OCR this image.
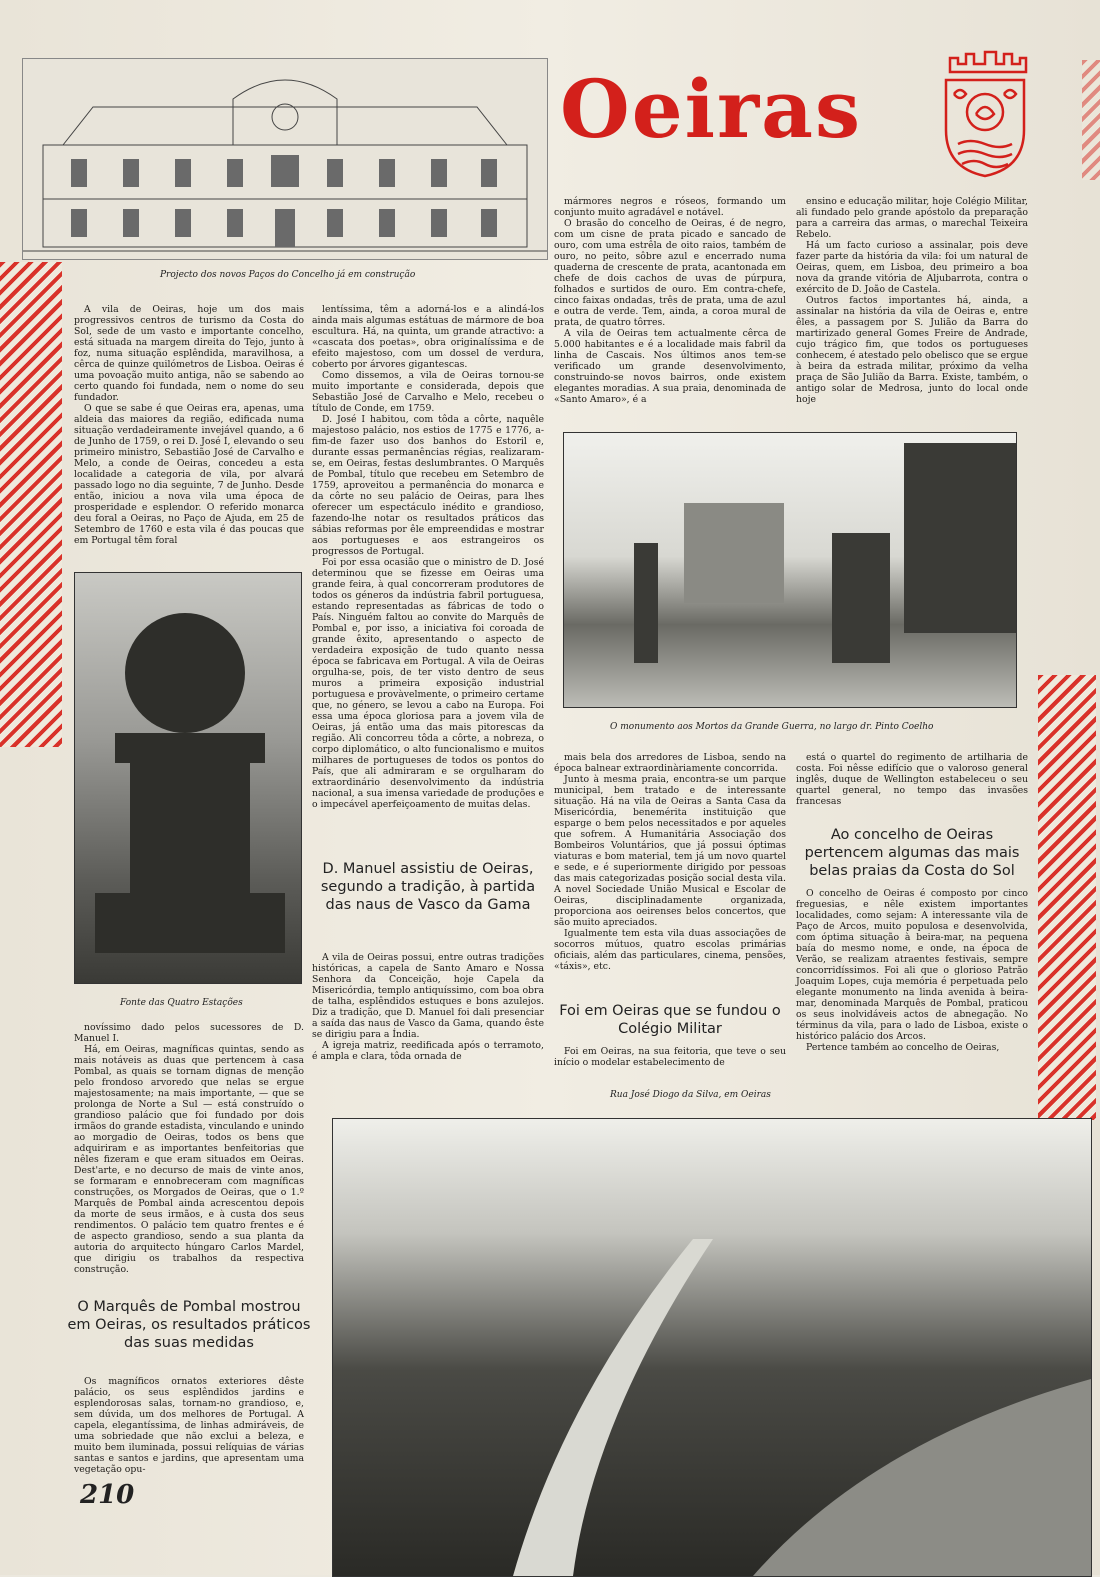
Oeiras
Projecto dos novos Paços do Concelho já em construção
Fonte das Quatro Estações
O monumento aos Mortos da Grande Guerra, no largo dr. Pinto Coelho
Rua José Diogo da Silva, em Oeiras

A vila de Oeiras, hoje um dos mais progressivos centros de turismo da Costa do Sol, sede de um vasto e importante concelho, está situada na margem direita do Tejo, junto à foz, numa situação esplêndida, maravilhosa, a cêrca de quinze quilómetros de Lisboa. Oeiras é uma povoação muito antiga, não se sabendo ao certo quando foi fundada, nem o nome do seu fundador.

O que se sabe é que Oeiras era, apenas, uma aldeia das maiores da região, edificada numa situação verdadeiramente invejável quando, a 6 de Junho de 1759, o rei D. José I, elevando o seu primeiro ministro, Sebastião José de Carvalho e Melo, a conde de Oeiras, concedeu a esta localidade a categoria de vila, por alvará passado logo no dia seguinte, 7 de Junho. Desde então, iniciou a nova vila uma época de prosperidade e esplendor. O referido monarca deu foral a Oeiras, no Paço de Ajuda, em 25 de Setembro de 1760 e esta vila é das poucas que em Portugal têm foral

novíssimo dado pelos sucessores de D. Manuel I.

Há, em Oeiras, magníficas quintas, sendo as mais notáveis as duas que pertencem à casa Pombal, as quais se tornam dignas de menção pelo frondoso arvoredo que nelas se ergue majestosamente; na mais importante, — que se prolonga de Norte a Sul — está construído o grandioso palácio que foi fundado por dois irmãos do grande estadista, vinculando e unindo ao morgadio de Oeiras, todos os bens que adquiriram e as importantes benfeitorias que nêles fizeram e que eram situados em Oeiras. Dest'arte, e no decurso de mais de vinte anos, se formaram e ennobreceram com magníficas construções, os Morgados de Oeiras, que o 1.º Marquês de Pombal ainda acrescentou depois da morte de seus irmãos, e à custa dos seus rendimentos. O palácio tem quatro frentes e é de aspecto grandioso, sendo a sua planta da autoria do arquitecto húngaro Carlos Mardel, que dirigiu os trabalhos da respectiva construção.

O Marquês de Pombal mostrou em Oeiras, os resultados práticos das suas medidas

Os magníficos ornatos exteriores dêste palácio, os seus esplêndidos jardins e esplendorosas salas, tornam-no grandioso, e, sem dúvida, um dos melhores de Portugal. A capela, elegantíssima, de linhas admiráveis, de uma sobriedade que não exclui a beleza, e muito bem iluminada, possui relíquias de várias santas e santos e jardins, que apresentam uma vegetação opu-

210

lentíssima, têm a adorná-los e a alindá-los ainda mais algumas estátuas de mármore de boa escultura. Há, na quinta, um grande atractivo: a «cascata dos poetas», obra originalíssima e de efeito majestoso, com um dossel de verdura, coberto por árvores gigantescas.

Como dissemos, a vila de Oeiras tornou-se muito importante e considerada, depois que Sebastião José de Carvalho e Melo, recebeu o título de Conde, em 1759.

D. José I habitou, com tôda a côrte, naquêle majestoso palácio, nos estios de 1775 e 1776, a-fim-de fazer uso dos banhos do Estoril e, durante essas permanências régias, realizaram-se, em Oeiras, festas deslumbrantes. O Marquês de Pombal, título que recebeu em Setembro de 1759, aproveitou a permanência do monarca e da côrte no seu palácio de Oeiras, para lhes oferecer um espectáculo inédito e grandioso, fazendo-lhe notar os resultados práticos das sábias reformas por êle empreendidas e mostrar aos portugueses e aos estrangeiros os progressos de Portugal.

Foi por essa ocasião que o ministro de D. José determinou que se fizesse em Oeiras uma grande feira, à qual concorreram produtores de todos os géneros da indústria fabril portuguesa, estando representadas as fábricas de todo o País. Ninguém faltou ao convite do Marquês de Pombal e, por isso, a iniciativa foi coroada de grande êxito, apresentando o aspecto de verdadeira exposição de tudo quanto nessa época se fabricava em Portugal. A vila de Oeiras orgulha-se, pois, de ter visto dentro de seus muros a primeira exposição industrial portuguesa e provàvelmente, o primeiro certame que, no género, se levou a cabo na Europa. Foi essa uma época gloriosa para a jovem vila de Oeiras, já então uma das mais pitorescas da região. Ali concorreu tôda a côrte, a nobreza, o corpo diplomático, o alto funcionalismo e muitos milhares de portugueses de todos os pontos do País, que ali admiraram e se orgulharam do extraordinário desenvolvimento da indústria nacional, a sua imensa variedade de produções e o impecável aperfeiçoamento de muitas delas.

D. Manuel assistiu de Oeiras, segundo a tradição, à partida das naus de Vasco da Gama

A vila de Oeiras possui, entre outras tradições históricas, a capela de Santo Amaro e Nossa Senhora da Conceição, hoje Capela da Misericórdia, templo antiquíssimo, com boa obra de talha, esplêndidos estuques e bons azulejos. Diz a tradição, que D. Manuel foi dali presenciar a saída das naus de Vasco da Gama, quando êste se dirigiu para a Índia.

A igreja matriz, reedificada após o terramoto, é ampla e clara, tôda ornada de

mármores negros e róseos, formando um conjunto muito agradável e notável.

O brasão do concelho de Oeiras, é de negro, com um cisne de prata picado e sancado de ouro, com uma estrêla de oito raios, também de ouro, no peito, sôbre azul e encerrado numa quaderna de crescente de prata, acantonada em chefe de dois cachos de uvas de púrpura, folhados e surtidos de ouro. Em contra-chefe, cinco faixas ondadas, três de prata, uma de azul e outra de verde. Tem, ainda, a coroa mural de prata, de quatro tôrres.

A vila de Oeiras tem actualmente cêrca de 5.000 habitantes e é a localidade mais fabril da linha de Cascais. Nos últimos anos tem-se verificado um grande desenvolvimento, construindo-se novos bairros, onde existem elegantes moradias. A sua praia, denominada de «Santo Amaro», é a

mais bela dos arredores de Lisboa, sendo na época balnear extraordinàriamente concorrida.

Junto à mesma praia, encontra-se um parque municipal, bem tratado e de interessante situação. Há na vila de Oeiras a Santa Casa da Misericórdia, benemérita instituição que esparge o bem pelos necessitados e por aqueles que sofrem. A Humanitária Associação dos Bombeiros Voluntários, que já possui óptimas viaturas e bom material, tem já um novo quartel e sede, e é superiormente dirigido por pessoas das mais categorizadas posição social desta vila. A novel Sociedade União Musical e Escolar de Oeiras, disciplinadamente organizada, proporciona aos oeirenses belos concertos, que são muito apreciados.

Igualmente tem esta vila duas associações de socorros mútuos, quatro escolas primárias oficiais, além das particulares, cinema, pensões, «táxis», etc.

Foi em Oeiras que se fundou o Colégio Militar

Foi em Oeiras, na sua feitoria, que teve o seu início o modelar estabelecimento de

ensino e educação militar, hoje Colégio Militar, ali fundado pelo grande apóstolo da preparação para a carreira das armas, o marechal Teixeira Rebelo.

Há um facto curioso a assinalar, pois deve fazer parte da história da vila: foi um natural de Oeiras, quem, em Lisboa, deu primeiro a boa nova da grande vitória de Aljubarrota, contra o exército de D. João de Castela.

Outros factos importantes há, ainda, a assinalar na história da vila de Oeiras e, entre êles, a passagem por S. Julião da Barra do martirizado general Gomes Freire de Andrade, cujo trágico fim, que todos os portugueses conhecem, é atestado pelo obelisco que se ergue à beira da estrada militar, próximo da velha praça de São Julião da Barra. Existe, também, o antigo solar de Medrosa, junto do local onde hoje

está o quartel do regimento de artilharia de costa. Foi nêsse edifício que o valoroso general inglês, duque de Wellington estabeleceu o seu quartel general, no tempo das invasões francesas

Ao concelho de Oeiras pertencem algumas das mais belas praias da Costa do Sol

O concelho de Oeiras é composto por cinco freguesias, e nêle existem importantes localidades, como sejam: A interessante vila de Paço de Arcos, muito populosa e desenvolvida, com óptima situação à beira-mar, na pequena baía do mesmo nome, e onde, na época de Verão, se realizam atraentes festivais, sempre concorridíssimos. Foi ali que o glorioso Patrão Joaquim Lopes, cuja memória é perpetuada pelo elegante monumento na linda avenida à beira-mar, denominada Marquês de Pombal, praticou os seus inolvidáveis actos de abnegação. No términus da vila, para o lado de Lisboa, existe o histórico palácio dos Arcos.

Pertence também ao concelho de Oeiras,
